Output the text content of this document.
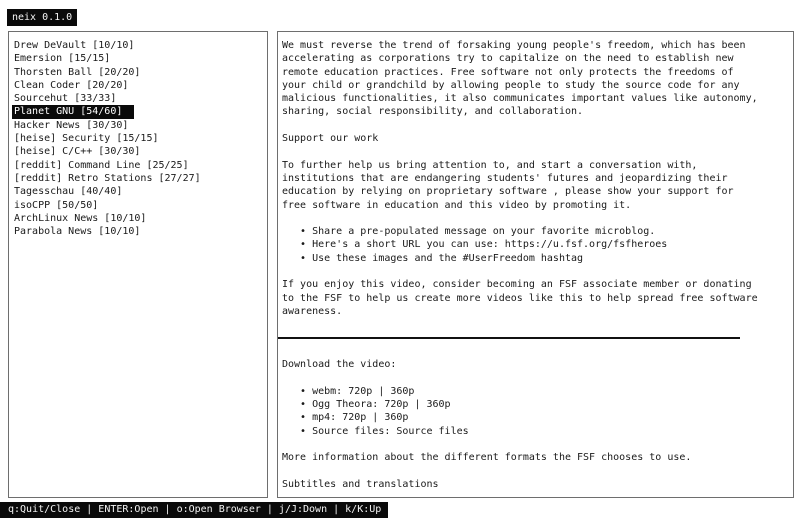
neix 0.1.0
Drew DeVault [10/10]
Emersion [15/15]
Thorsten Ball [20/20]
Clean Coder [20/20]
Sourcehut [33/33]
Planet GNU [54/60]
Hacker News [30/30]
[heise] Security [15/15]
[heise] C/C++ [30/30]
[reddit] Command Line [25/25]
[reddit] Retro Stations [27/27]
Tagesschau [40/40]
isoCPP [50/50]
ArchLinux News [10/10]
Parabola News [10/10]
We must reverse the trend of forsaking young people's freedom, which has been
accelerating as corporations try to capitalize on the need to establish new
remote education practices. Free software not only protects the freedoms of
your child or grandchild by allowing people to study the source code for any
malicious functionalities, it also communicates important values like autonomy,
sharing, social responsibility, and collaboration.
Support our work
To further help us bring attention to, and start a conversation with,
institutions that are endangering students' futures and jeopardizing their
education by relying on proprietary software , please show your support for
free software in education and this video by promoting it.
• Share a pre-populated message on your favorite microblog.
• Here's a short URL you can use: https://u.fsf.org/fsfheroes
• Use these images and the #UserFreedom hashtag
If you enjoy this video, consider becoming an FSF associate member or donating
to the FSF to help us create more videos like this to help spread free software
awareness.
Download the video:
• webm: 720p | 360p
• Ogg Theora: 720p | 360p
• mp4: 720p | 360p
• Source files: Source files
More information about the different formats the FSF chooses to use.
Subtitles and translations
q:Quit/Close | ENTER:Open | o:Open Browser | j/J:Down | k/K:Up
